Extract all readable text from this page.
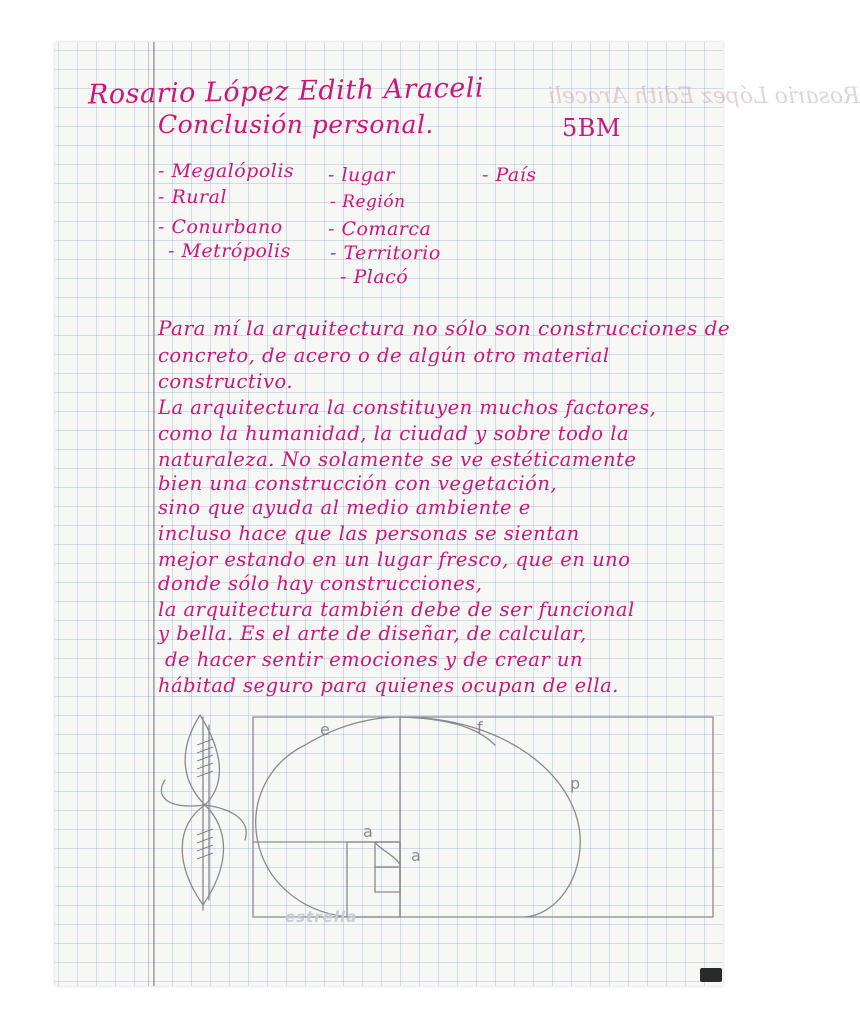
Rosario López Edith Araceli
Rosario López Edith Araceli
Conclusión personal.	5BM
- Megalópolis
- Rural
- Conurbano
- Metrópolis
- lugar
- Región
- Comarca
- Territorio
- Placó
- País
Para mí la arquitectura no sólo son construcciones de
concreto, de acero o de algún otro material
constructivo.
La arquitectura la constituyen muchos factores,
como la humanidad, la ciudad y sobre todo la
naturaleza. No solamente se ve estéticamente
bien una construcción con vegetación,
sino que ayuda al medio ambiente e
incluso hace que las personas se sientan
mejor estando en un lugar fresco, que en uno
donde sólo hay construcciones,
la arquitectura también debe de ser funcional
y bella. Es el arte de diseñar, de calcular,
de hacer sentir emociones y de crear un
hábitad seguro para quienes ocupan de ella.
e	f
p
a
a
estrella
